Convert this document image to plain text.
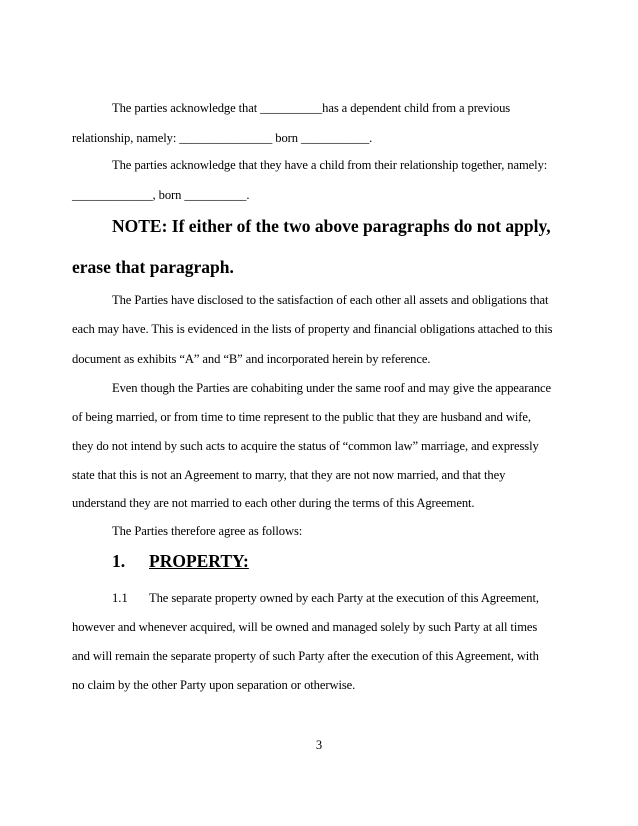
The parties acknowledge that __________has a dependent child from a previous
relationship, namely: _______________ born ___________.
The parties acknowledge that they have a child from their relationship together, namely:
_____________, born __________.
NOTE: If either of the two above paragraphs do not apply,
erase that paragraph.
The Parties have disclosed to the satisfaction of each other all assets and obligations that
each may have. This is evidenced in the lists of property and financial obligations attached to this
document as exhibits “A” and “B” and incorporated herein by reference.
Even though the Parties are cohabiting under the same roof and may give the appearance
of being married, or from time to time represent to the public that they are husband and wife,
they do not intend by such acts to acquire the status of “common law” marriage, and expressly
state that this is not an Agreement to marry, that they are not now married, and that they
understand they are not married to each other during the terms of this Agreement.
The Parties therefore agree as follows:
1. PROPERTY:
1.1 The separate property owned by each Party at the execution of this Agreement,
however and whenever acquired, will be owned and managed solely by such Party at all times
and will remain the separate property of such Party after the execution of this Agreement, with
no claim by the other Party upon separation or otherwise.
3
